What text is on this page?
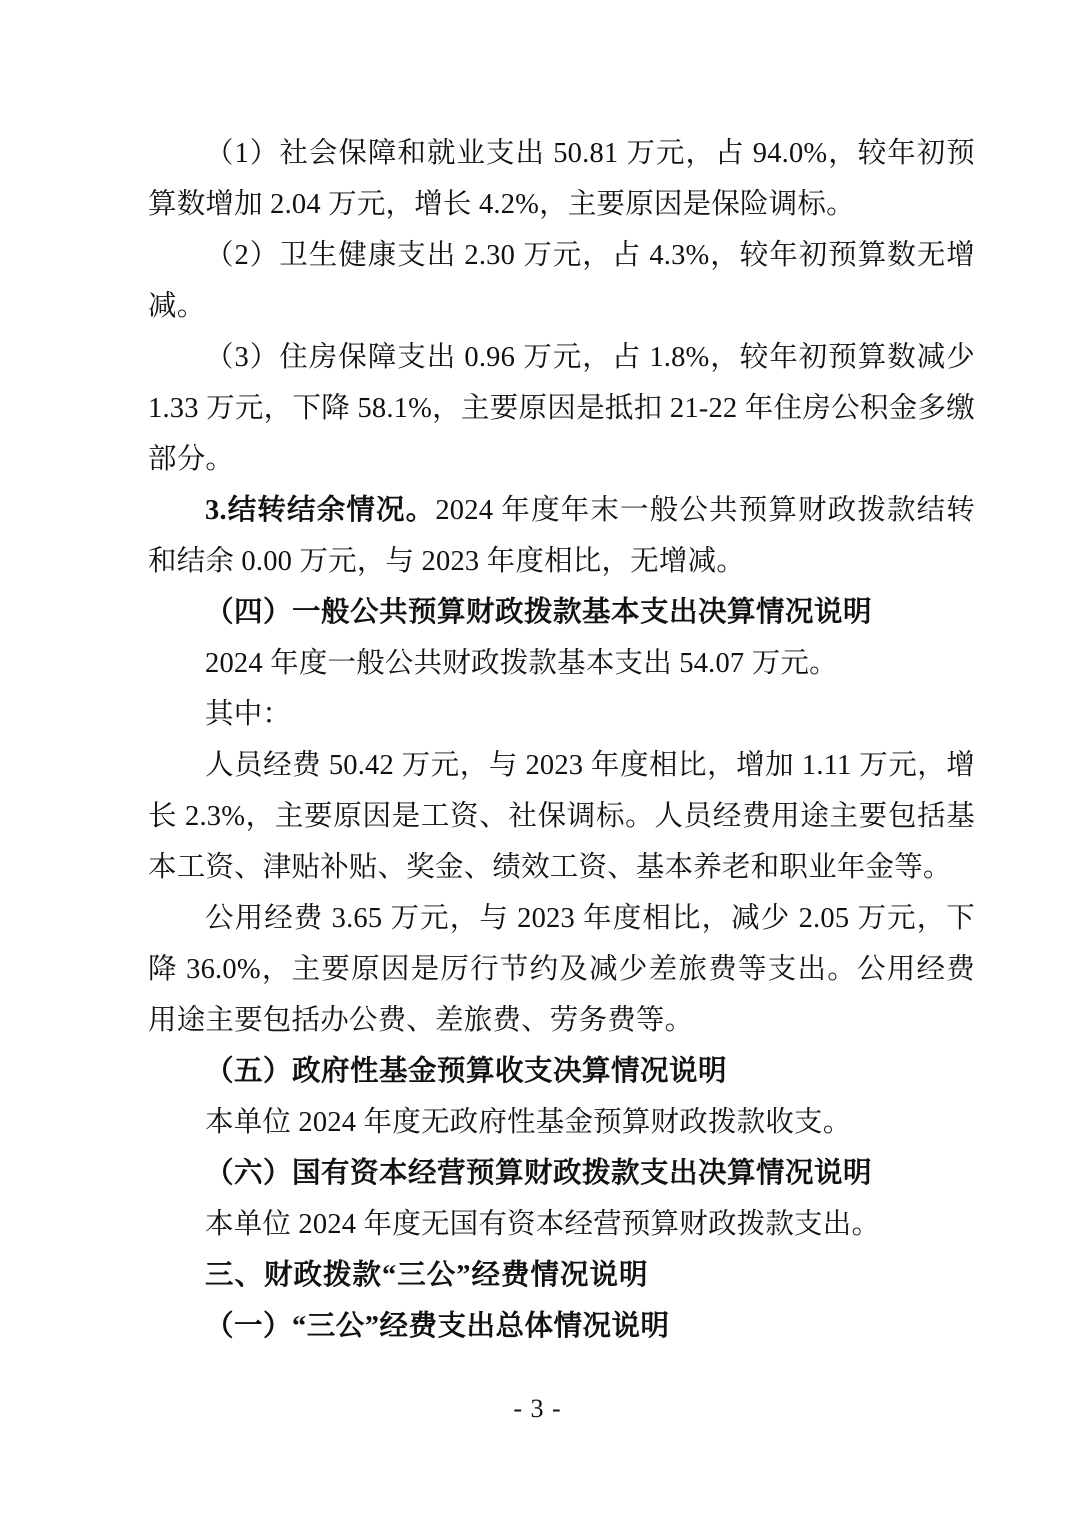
（1）社会保障和就业支出 50.81 万元，占 94.0%，较年初预算数增加 2.04 万元，增长 4.2%，主要原因是保险调标。

（2）卫生健康支出 2.30 万元，占 4.3%，较年初预算数无增减。

（3）住房保障支出 0.96 万元，占 1.8%，较年初预算数减少 1.33 万元，下降 58.1%，主要原因是抵扣 21-22 年住房公积金多缴部分。

3.结转结余情况。2024 年度年末一般公共预算财政拨款结转和结余 0.00 万元，与 2023 年度相比，无增减。

（四）一般公共预算财政拨款基本支出决算情况说明

2024 年度一般公共财政拨款基本支出 54.07 万元。

其中：

人员经费 50.42 万元，与 2023 年度相比，增加 1.11 万元，增长 2.3%，主要原因是工资、社保调标。人员经费用途主要包括基本工资、津贴补贴、奖金、绩效工资、基本养老和职业年金等。

公用经费 3.65 万元，与 2023 年度相比，减少 2.05 万元，下降 36.0%，主要原因是厉行节约及减少差旅费等支出。公用经费用途主要包括办公费、差旅费、劳务费等。

（五）政府性基金预算收支决算情况说明

本单位 2024 年度无政府性基金预算财政拨款收支。

（六）国有资本经营预算财政拨款支出决算情况说明

本单位 2024 年度无国有资本经营预算财政拨款支出。

三、财政拨款“三公”经费情况说明

（一）“三公”经费支出总体情况说明

- 3 -
